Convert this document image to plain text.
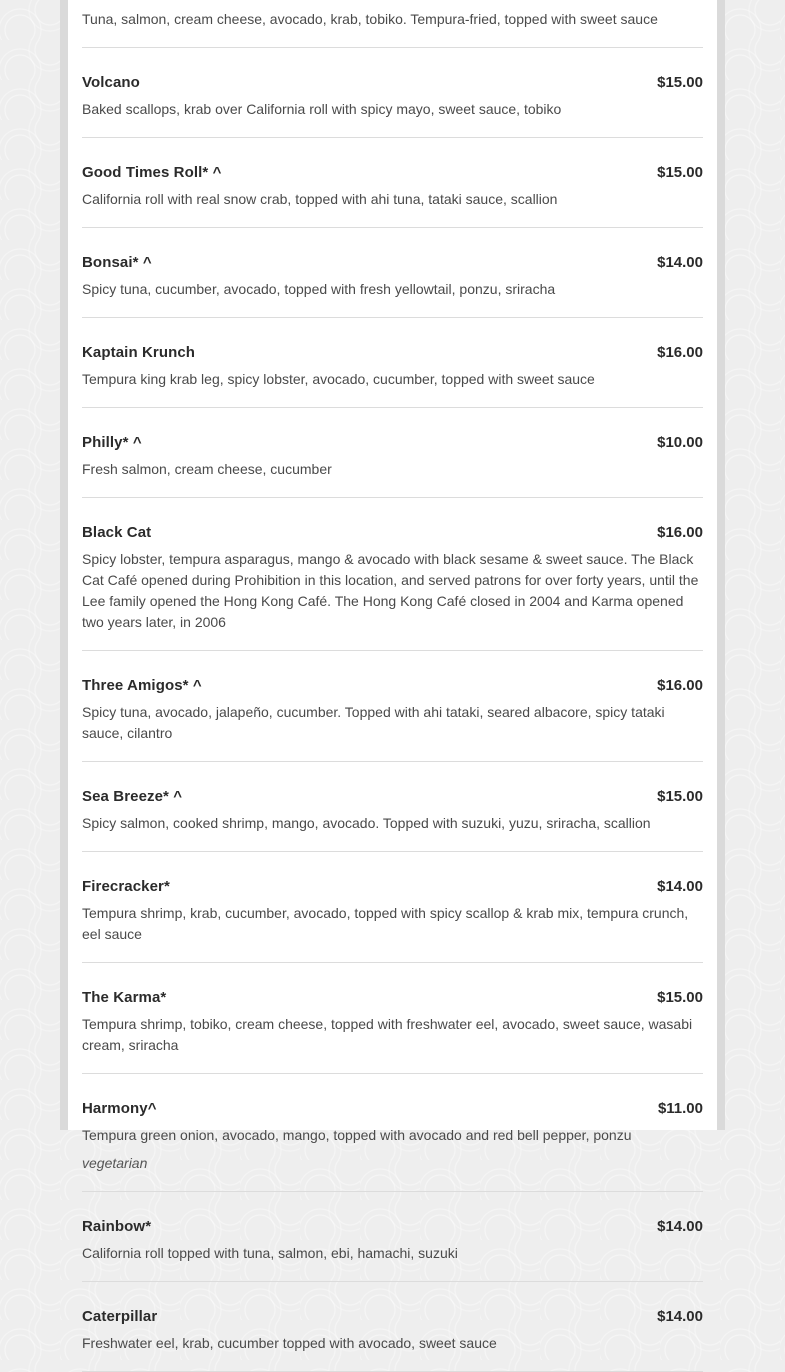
Tuna, salmon, cream cheese, avocado, krab, tobiko. Tempura-fried, topped with sweet sauce
Volcano	$15.00
Baked scallops, krab over California roll with spicy mayo, sweet sauce, tobiko
Good Times Roll* ^	$15.00
California roll with real snow crab, topped with ahi tuna, tataki sauce, scallion
Bonsai* ^	$14.00
Spicy tuna, cucumber, avocado, topped with fresh yellowtail, ponzu, sriracha
Kaptain Krunch	$16.00
Tempura king krab leg, spicy lobster, avocado, cucumber, topped with sweet sauce
Philly* ^	$10.00
Fresh salmon, cream cheese, cucumber
Black Cat	$16.00
Spicy lobster, tempura asparagus, mango & avocado with black sesame & sweet sauce. The Black Cat Café opened during Prohibition in this location, and served patrons for over forty years, until the Lee family opened the Hong Kong Café. The Hong Kong Café closed in 2004 and Karma opened two years later, in 2006
Three Amigos* ^	$16.00
Spicy tuna, avocado, jalapeño, cucumber. Topped with ahi tataki, seared albacore, spicy tataki sauce, cilantro
Sea Breeze* ^	$15.00
Spicy salmon, cooked shrimp, mango, avocado. Topped with suzuki, yuzu, sriracha, scallion
Firecracker*	$14.00
Tempura shrimp, krab, cucumber, avocado, topped with spicy scallop & krab mix, tempura crunch, eel sauce
The Karma*	$15.00
Tempura shrimp, tobiko, cream cheese, topped with freshwater eel, avocado, sweet sauce, wasabi cream, sriracha
Harmony^	$11.00
Tempura green onion, avocado, mango, topped with avocado and red bell pepper, ponzu
vegetarian
Rainbow*	$14.00
California roll topped with tuna, salmon, ebi, hamachi, suzuki
Caterpillar	$14.00
Freshwater eel, krab, cucumber topped with avocado, sweet sauce
